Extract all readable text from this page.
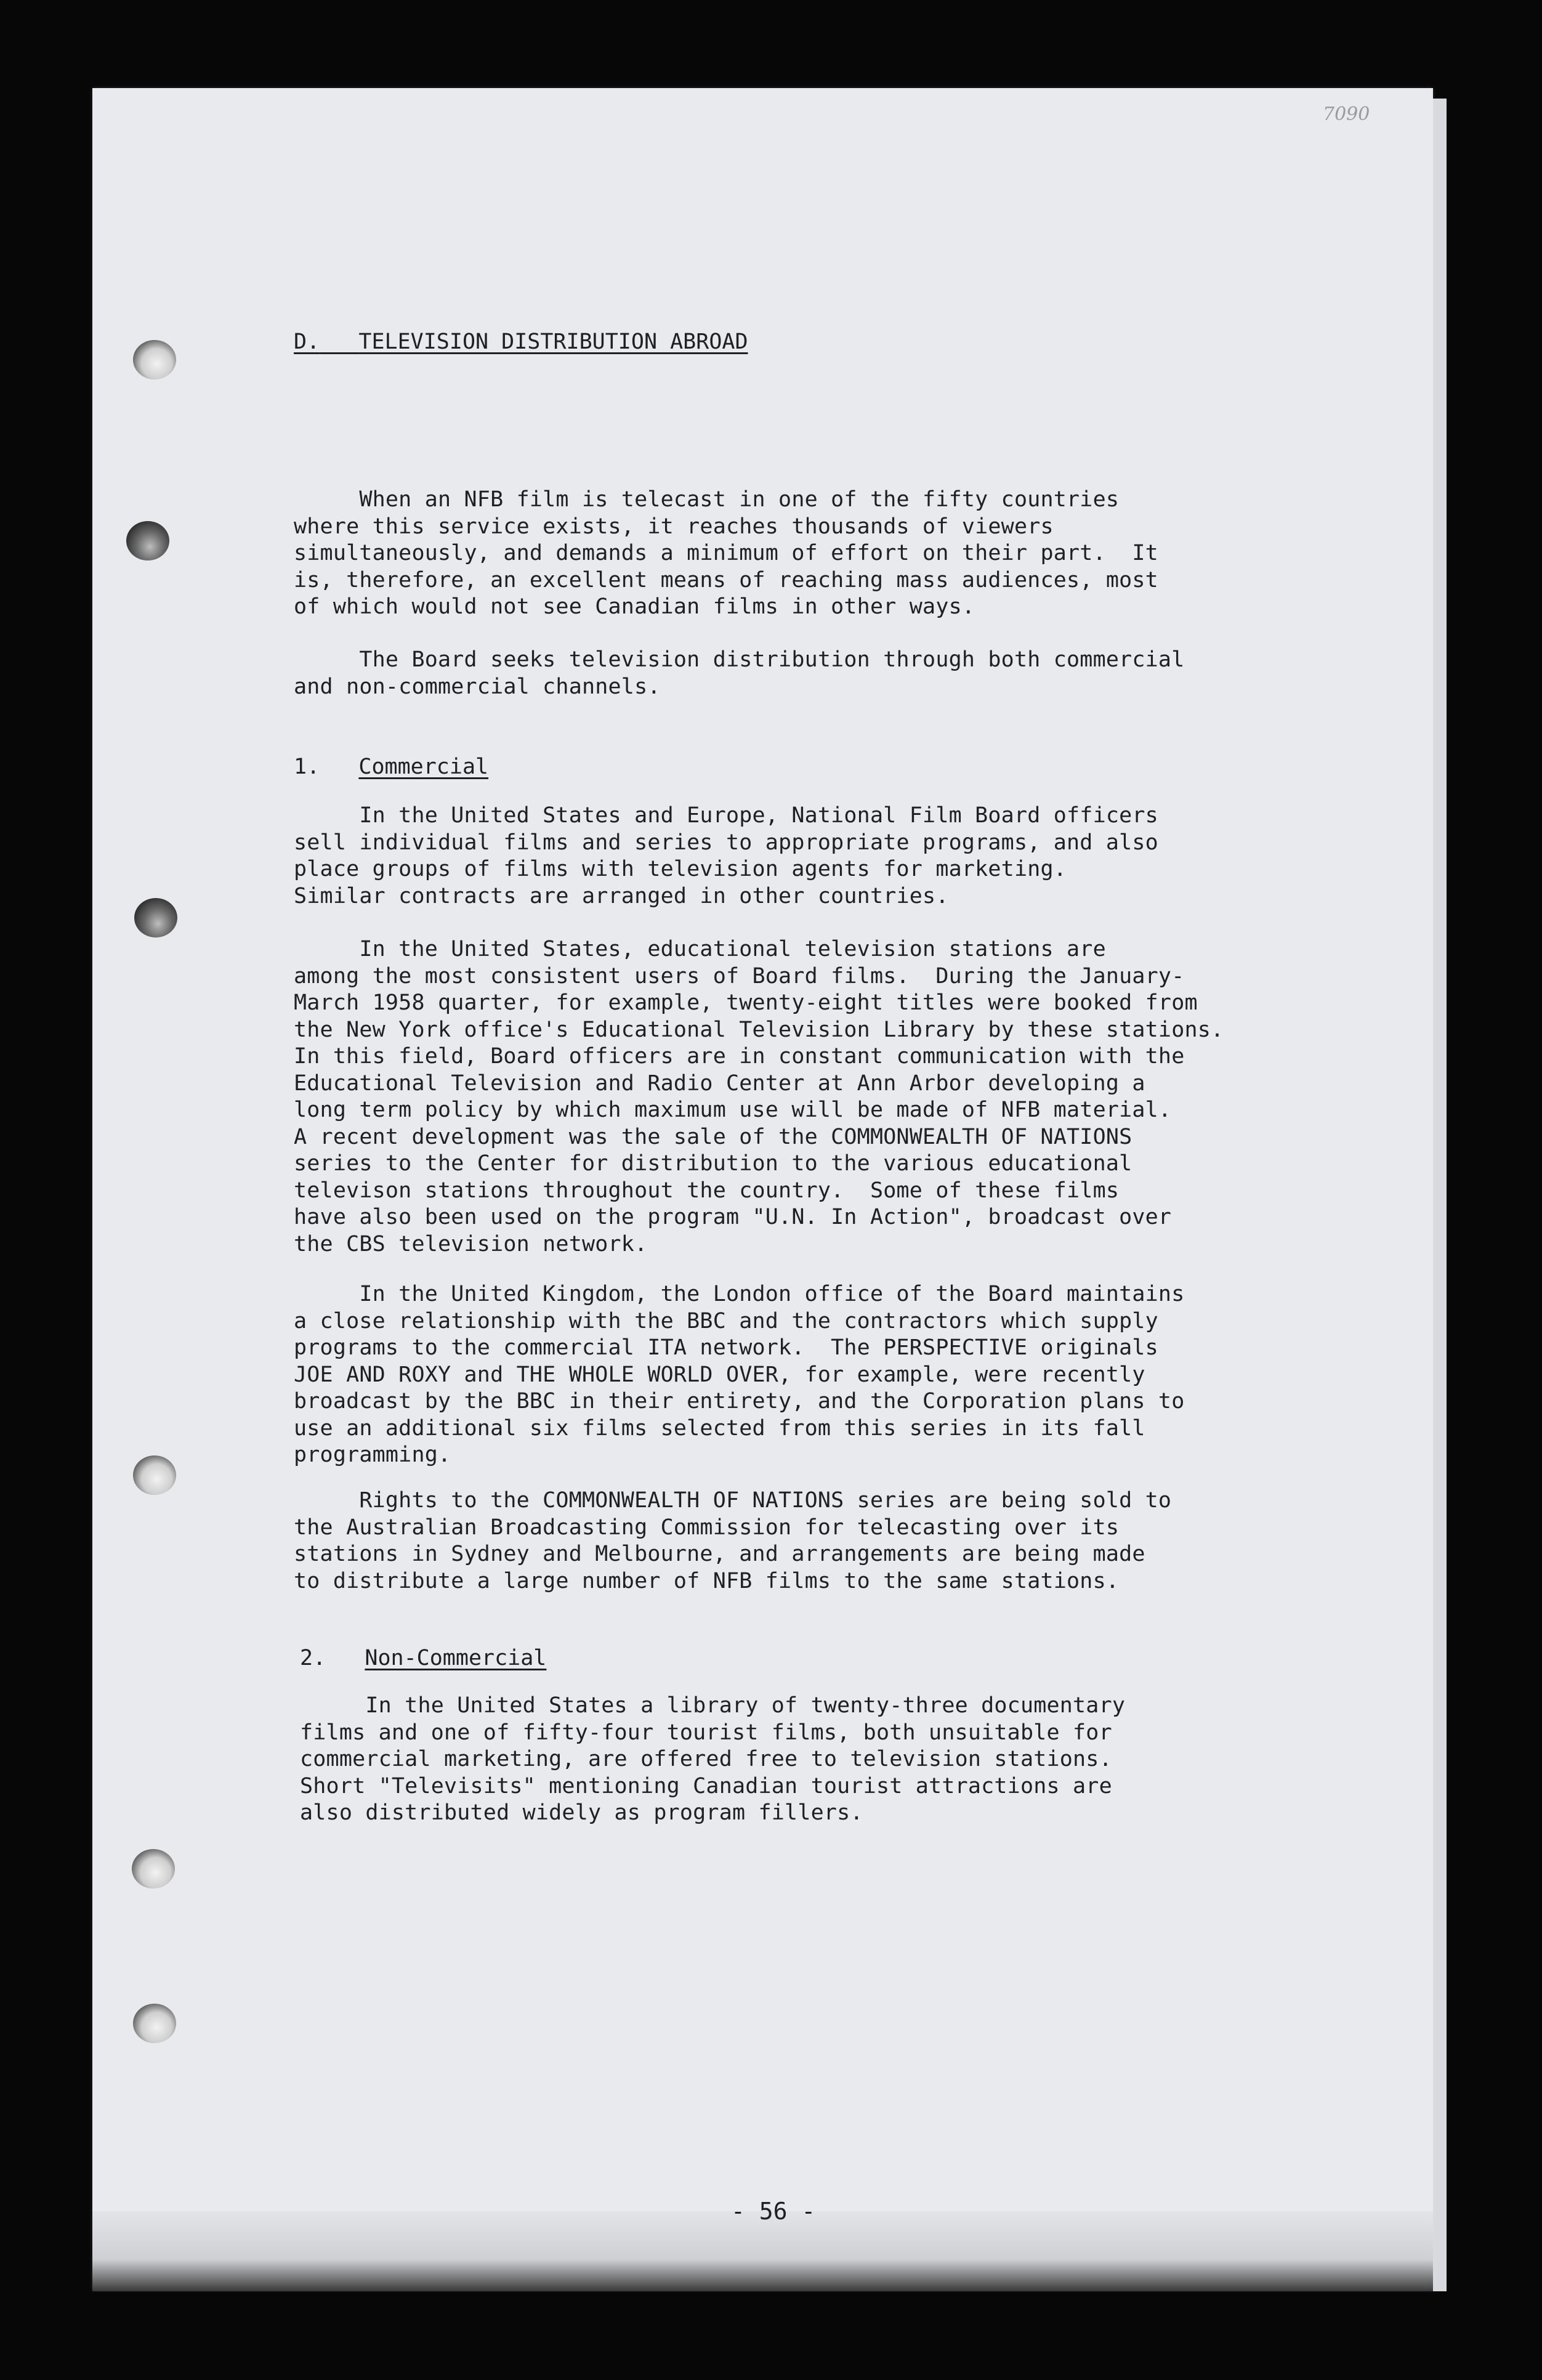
7090
D. TELEVISION DISTRIBUTION ABROAD
When an NFB film is telecast in one of the fifty countries
where this service exists, it reaches thousands of viewers
simultaneously, and demands a minimum of effort on their part.  It
is, therefore, an excellent means of reaching mass audiences, most
of which would not see Canadian films in other ways.
The Board seeks television distribution through both commercial
and non-commercial channels.
1. Commercial
In the United States and Europe, National Film Board officers
sell individual films and series to appropriate programs, and also
place groups of films with television agents for marketing.
Similar contracts are arranged in other countries.
In the United States, educational television stations are
among the most consistent users of Board films.  During the January-
March 1958 quarter, for example, twenty-eight titles were booked from
the New York office's Educational Television Library by these stations.
In this field, Board officers are in constant communication with the
Educational Television and Radio Center at Ann Arbor developing a
long term policy by which maximum use will be made of NFB material.
A recent development was the sale of the COMMONWEALTH OF NATIONS
series to the Center for distribution to the various educational
televison stations throughout the country.  Some of these films
have also been used on the program "U.N. In Action", broadcast over
the CBS television network.
In the United Kingdom, the London office of the Board maintains
a close relationship with the BBC and the contractors which supply
programs to the commercial ITA network.  The PERSPECTIVE originals
JOE AND ROXY and THE WHOLE WORLD OVER, for example, were recently
broadcast by the BBC in their entirety, and the Corporation plans to
use an additional six films selected from this series in its fall
programming.
Rights to the COMMONWEALTH OF NATIONS series are being sold to
the Australian Broadcasting Commission for telecasting over its
stations in Sydney and Melbourne, and arrangements are being made
to distribute a large number of NFB films to the same stations.
2. Non-Commercial
In the United States a library of twenty-three documentary
films and one of fifty-four tourist films, both unsuitable for
commercial marketing, are offered free to television stations.
Short "Televisits" mentioning Canadian tourist attractions are
also distributed widely as program fillers.
- 56 -
